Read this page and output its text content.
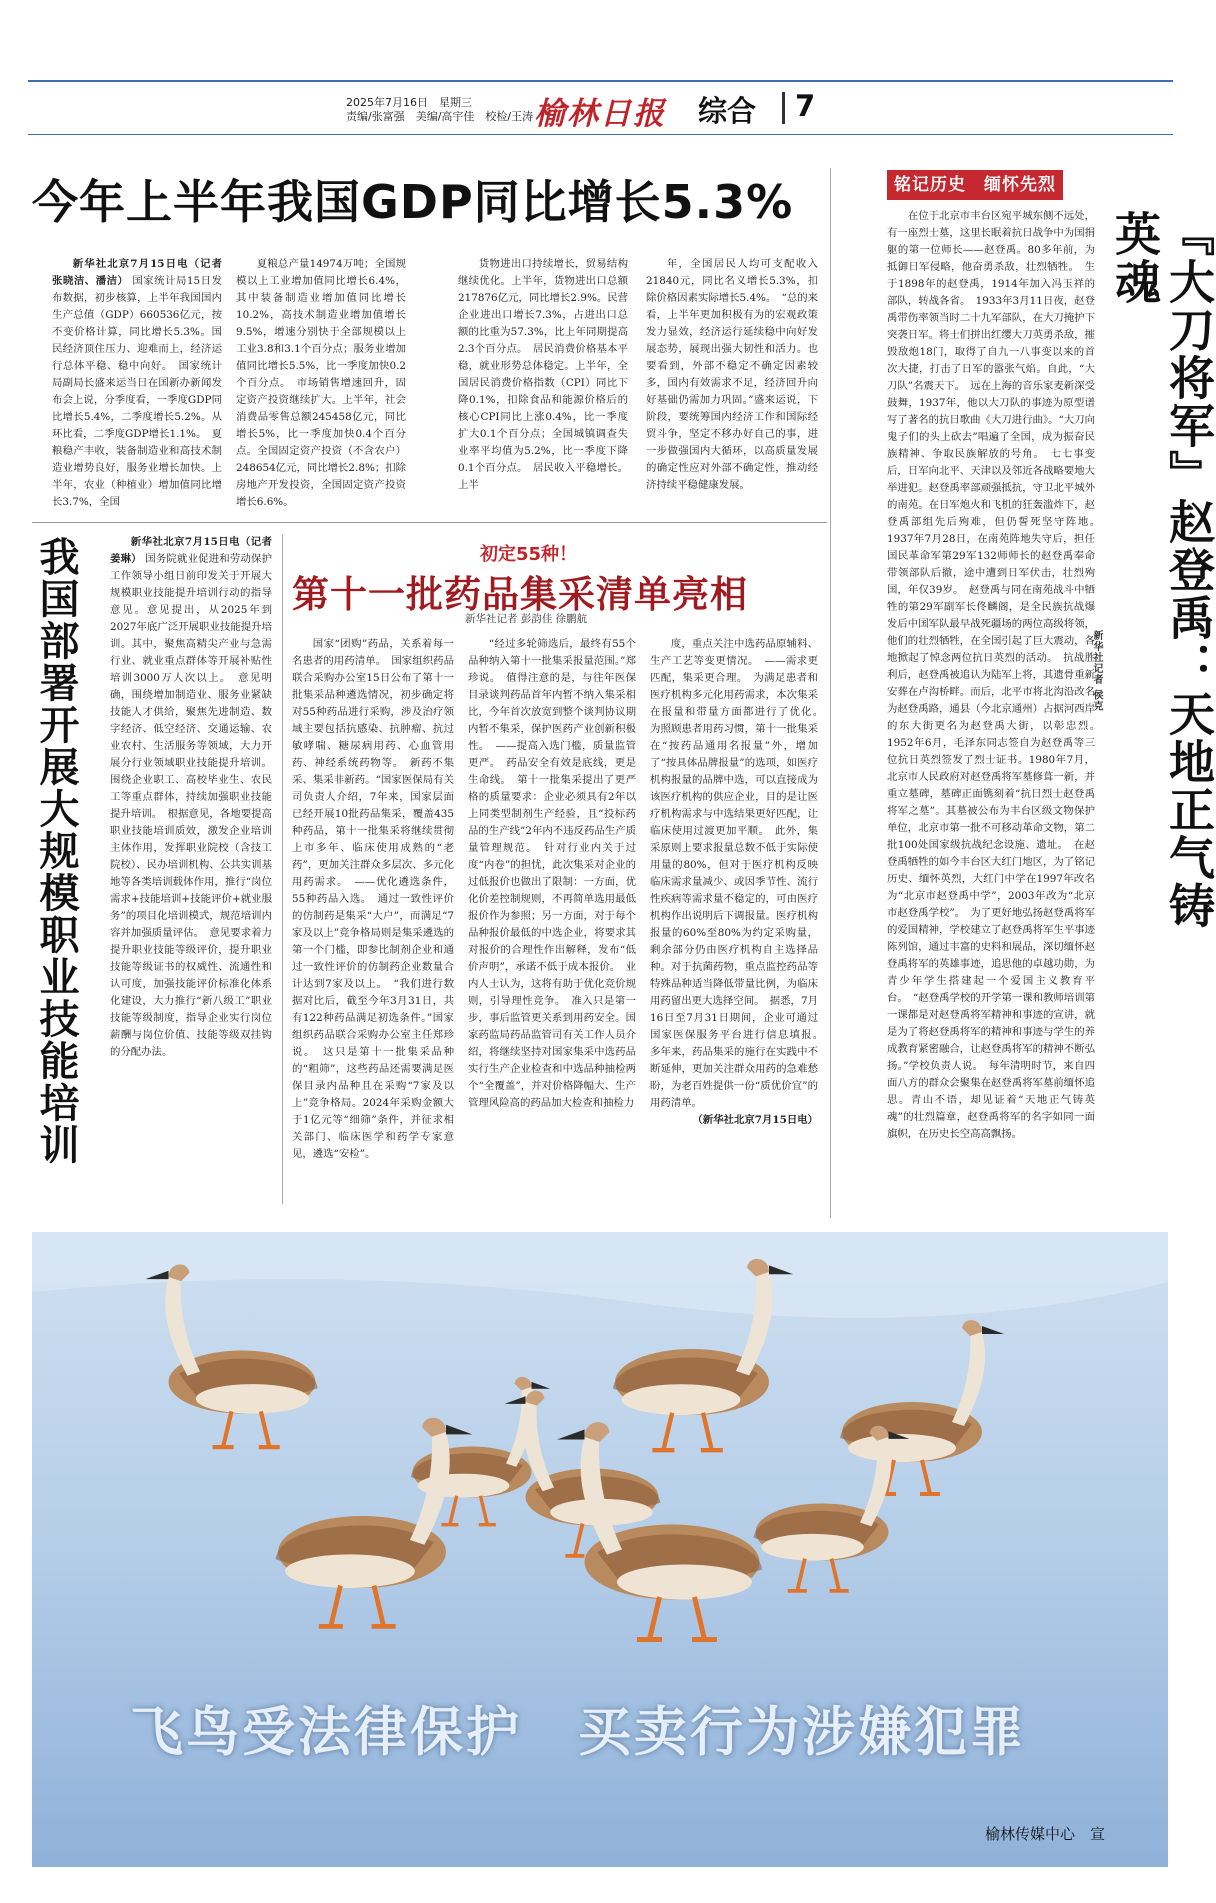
2025年7月16日　星期三
责编/张富强　美编/高宇佳　校检/王涛 榆林日报 综合 7
今年上半年我国GDP同比增长5.3%

新华社北京7月15日电（记者 张晓洁、潘洁） 国家统计局15日发布数据，初步核算，上半年我国国内生产总值（GDP）660536亿元，按不变价格计算，同比增长5.3%。国民经济顶住压力、迎难而上，经济运行总体平稳、稳中向好。　国家统计局副局长盛来运当日在国新办新闻发布会上说，分季度看，一季度GDP同比增长5.4%，二季度增长5.2%。从环比看，二季度GDP增长1.1%。　夏粮稳产丰收，装备制造业和高技术制造业增势良好，服务业增长加快。上半年，农业（种植业）增加值同比增长3.7%，全国

夏粮总产量14974万吨；全国规模以上工业增加值同比增长6.4%，其中装备制造业增加值同比增长10.2%，高技术制造业增加值增长9.5%，增速分别快于全部规模以上工业3.8和3.1个百分点；服务业增加值同比增长5.5%，比一季度加快0.2个百分点。　市场销售增速回升，固定资产投资继续扩大。上半年，社会消费品零售总额245458亿元，同比增长5%，比一季度加快0.4个百分点。全国固定资产投资（不含农户）248654亿元，同比增长2.8%；扣除房地产开发投资，全国固定资产投资增长6.6%。

货物进出口持续增长，贸易结构继续优化。上半年，货物进出口总额217876亿元，同比增长2.9%。民营企业进出口增长7.3%，占进出口总额的比重为57.3%，比上年同期提高2.3个百分点。　居民消费价格基本平稳，就业形势总体稳定。上半年，全国居民消费价格指数（CPI）同比下降0.1%，扣除食品和能源价格后的核心CPI同比上涨0.4%，比一季度扩大0.1个百分点；全国城镇调查失业率平均值为5.2%，比一季度下降0.1个百分点。　居民收入平稳增长。上半

年，全国居民人均可支配收入21840元，同比名义增长5.3%，扣除价格因素实际增长5.4%。　“总的来看，上半年更加积极有为的宏观政策发力显效，经济运行延续稳中向好发展态势，展现出强大韧性和活力。也要看到，外部不稳定不确定因素较多，国内有效需求不足，经济回升向好基础仍需加力巩固。”盛来运说，下阶段，要统筹国内经济工作和国际经贸斗争，坚定不移办好自己的事，进一步做强国内大循环，以高质量发展的确定性应对外部不确定性，推动经济持续平稳健康发展。

我国部署开展大规模职业技能培训	新华社北京7月15日电（记者 姜琳） 国务院就业促进和劳动保护工作领导小组日前印发关于开展大规模职业技能提升培训行动的指导意见。意见提出，从2025年到2027年底广泛开展职业技能提升培训。其中，聚焦高精尖产业与急需行业、就业重点群体等开展补贴性培训3000万人次以上。　意见明确，围绕增加制造业、服务业紧缺技能人才供给，聚焦先进制造、数字经济、低空经济、交通运输、农业农村、生活服务等领域，大力开展分行业领域职业技能提升培训。围绕企业职工、高校毕业生、农民工等重点群体，持续加强职业技能提升培训。　根据意见，各地要提高职业技能培训质效，激发企业培训主体作用，发挥职业院校（含技工院校）、民办培训机构、公共实训基地等各类培训载体作用，推行“岗位需求+技能培训+技能评价+就业服务”的项目化培训模式，规范培训内容并加强质量评估。　意见要求着力提升职业技能等级评价，提升职业技能等级证书的权威性、流通性和认可度，加强技能评价标准化体系化建设，大力推行“新八级工”职业技能等级制度，指导企业实行岗位薪酬与岗位价值、技能等级双挂钩的分配办法。

初定55种！
第十一批药品集采清单亮相
新华社记者 彭韵佳 徐鹏航

国家“团购”药品，关系着每一名患者的用药清单。　国家组织药品联合采购办公室15日公布了第十一批集采品种遴选情况，初步确定将对55种药品进行采购，涉及治疗领域主要包括抗感染、抗肿瘤、抗过敏哮喘、糖尿病用药、心血管用药、神经系统药物等。　新药不集采、集采非新药。“国家医保局有关司负责人介绍，7年来，国家层面已经开展10批药品集采，覆盖435种药品，第十一批集采将继续贯彻上市多年、临床使用成熟的“老药”，更加关注群众多层次、多元化用药需求。　——优化遴选条件，55种药品入选。　通过一致性评价的仿制药是集采“大户”，而满足“7家及以上”竞争格局则是集采遴选的第一个门槛，即参比制剂企业和通过一致性评价的仿制药企业数量合计达到7家及以上。　“我们进行数据对比后，截至今年3月31日，共有122种药品满足初选条件。”国家组织药品联合采购办公室主任郑珍说。　这只是第十一批集采品种的“粗筛”，这些药品还需要满足医保目录内品种且在采购“7家及以上”竞争格局。2024年采购金额大于1亿元等“细筛”条件，并征求相关部门、临床医学和药学专家意见，遴选“安检”。

“经过多轮筛选后，最终有55个品种纳入第十一批集采报量范围。”郑珍说。　值得注意的是，与往年医保目录谈判药品首年内暂不纳入集采相比，今年首次放宽到整个谈判协议期内暂不集采，保护医药产业创新积极性。　——提高入选门槛，质量监管更严。　药品安全有效是底线，更是生命线。　第十一批集采提出了更严格的质量要求：企业必须具有2年以上同类型制剂生产经验，且“投标药品的生产线”2年内不违反药品生产质量管理规范。　针对行业内关于过度“内卷”的担忧，此次集采对企业的过低报价也做出了限制：一方面，优化价差控制规则，不再简单选用最低报价作为参照；另一方面，对于每个品种报价最低的中选企业，将要求其对报价的合理性作出解释，发布“低价声明”，承诺不低于成本报价。　业内人士认为，这将有助于优化竞价规则，引导理性竞争。　准入只是第一步，事后监管更关系到用药安全。国家药监局药品监管司有关工作人员介绍，将继续坚持对国家集采中选药品实行生产企业检查和中选品种抽检两个“全覆盖”，并对价格降幅大、生产管理风险高的药品加大检查和抽检力

度，重点关注中选药品原辅料、生产工艺等变更情况。　——需求更匹配，集采更合理。　为满足患者和医疗机构多元化用药需求，本次集采在报量和带量方面都进行了优化。　为照顾患者用药习惯，第十一批集采在“按药品通用名报量”外，增加了“按具体品牌报量”的选项，如医疗机构报量的品牌中选，可以直接成为该医疗机构的供应企业，目的是让医疗机构需求与中选结果更好匹配，让临床使用过渡更加平顺。　此外，集采原则上要求报量总数不低于实际使用量的80%，但对于医疗机构反映临床需求量减少、或因季节性、流行性疾病等需求量不稳定的，可由医疗机构作出说明后下调报量。医疗机构报量的60%至80%为约定采购量，剩余部分仍由医疗机构自主选择品种。对于抗菌药物，重点监控药品等特殊品种适当降低带量比例，为临床用药留出更大选择空间。　据悉，7月16日至7月31日期间，企业可通过国家医保服务平台进行信息填报。　多年来，药品集采的施行在实践中不断延伸，更加关注群众用药的急难愁盼，为老百姓提供一份“质优价宜”的用药清单。

（新华社北京7月15日电）

铭记历史　缅怀先烈
『大刀将军』赵登禹：天地正气铸英魂
新华社记者 侯克

在位于北京市丰台区宛平城东侧不远处，有一座烈士墓，这里长眠着抗日战争中为国捐躯的第一位师长——赵登禹。80多年前，为抵御日军侵略，他奋勇杀敌，壮烈牺牲。　生于1898年的赵登禹，1914年加入冯玉祥的部队，转战各省。　1933年3月11日夜，赵登禹带伤率领当时二十九军部队，在大刀掩护下突袭日军。将士们拼出红缨大刀英勇杀敌，摧毁敌炮18门，取得了自九一八事变以来的首次大捷，打击了日军的嚣张气焰。自此，“大刀队”名震天下。　远在上海的音乐家麦新深受鼓舞，1937年，他以大刀队的事迹为原型谱写了著名的抗日歌曲《大刀进行曲》。“大刀向鬼子们的头上砍去”唱遍了全国，成为振奋民族精神、争取民族解放的号角。　七七事变后，日军向北平、天津以及邻近各战略要地大举进犯。赵登禹率部顽强抵抗，守卫北平城外的南苑。在日军炮火和飞机的狂轰滥炸下，赵登禹部组先后殉难，但仍誓死坚守阵地。　1937年7月28日，在南苑阵地失守后，担任国民革命军第29军132师师长的赵登禹奉命带领部队后撤，途中遭到日军伏击，壮烈殉国，年仅39岁。　赵登禹与同在南苑战斗中牺牲的第29军副军长佟麟阁，是全民族抗战爆发后中国军队最早战死疆场的两位高级将领，他们的壮烈牺牲，在全国引起了巨大震动，各地掀起了悼念两位抗日英烈的活动。　抗战胜利后，赵登禹被追认为陆军上将，其遗骨重新安葬在卢沟桥畔。而后，北平市将北沟沿改名为赵登禹路，通县（今北京通州）占据河西岸的东大街更名为赵登禹大街，以彰忠烈。　1952年6月，毛泽东同志签自为赵登禹等三位抗日英烈签发了烈士证书。1980年7月，北京市人民政府对赵登禹将军墓修葺一新，并重立墓碑，墓碑正面镌刻着“抗日烈士赵登禹将军之墓”。其墓被公布为丰台区级文物保护单位，北京市第一批不可移动革命文物，第二批100处国家级抗战纪念设施、遗址。　在赵登禹牺牲的如今丰台区大红门地区，为了铭记历史、缅怀英烈，大红门中学在1997年改名为“北京市赵登禹中学”，2003年改为“北京市赵登禹学校”。　为了更好地弘扬赵登禹将军的爱国精神，学校建立了赵登禹将军生平事迹陈列馆，通过丰富的史料和展品，深切缅怀赵登禹将军的英雄事迹，追思他的卓越功勋，为青少年学生搭建起一个爱国主义教育平台。　“赵登禹学校的开学第一课和教师培训第一课都是对赵登禹将军精神和事迹的宣讲，就是为了将赵登禹将军的精神和事迹与学生的养成教育紧密融合，让赵登禹将军的精神不断弘扬。”学校负责人说。　每年清明时节，来自四面八方的群众会聚集在赵登禹将军墓前缅怀追思。青山不语，却见证着“天地正气铸英魂”的壮烈篇章，赵登禹将军的名字如同一面旗帜，在历史长空高高飘扬。

飞鸟受法律保护　买卖行为涉嫌犯罪
榆林传媒中心　宣
